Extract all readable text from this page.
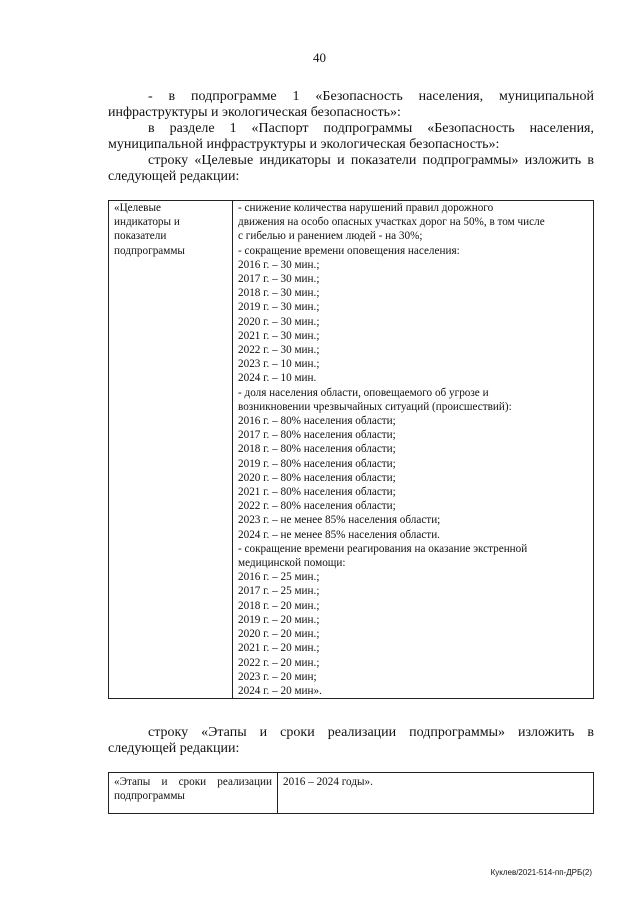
40
- в подпрограмме 1 «Безопасность населения, муниципальной
инфраструктуры и экологическая безопасность»:
в разделе 1 «Паспорт подпрограммы «Безопасность населения,
муниципальной инфраструктуры и экологическая безопасность»:
строку «Целевые индикаторы и показатели подпрограммы» изложить в
следующей редакции:
«Целевые
индикаторы и
показатели
подпрограммы

- снижение количества нарушений правил дорожного
движения на особо опасных участках дорог на 50%, в том числе
с гибелью и ранением людей - на 30%;
- сокращение времени оповещения населения:
2016 г. – 30 мин.;
2017 г. – 30 мин.;
2018 г. – 30 мин.;
2019 г. – 30 мин.;
2020 г. – 30 мин.;
2021 г. – 30 мин.;
2022 г. – 30 мин.;
2023 г. – 10 мин.;
2024 г. – 10 мин.
- доля населения области, оповещаемого об угрозе и
возникновении чрезвычайных ситуаций (происшествий):
2016 г. – 80% населения области;
2017 г. – 80% населения области;
2018 г. – 80% населения области;
2019 г. – 80% населения области;
2020 г. – 80% населения области;
2021 г. – 80% населения области;
2022 г. – 80% населения области;
2023 г. – не менее 85% населения области;
2024 г. – не менее 85% населения области.
- сокращение времени реагирования на оказание экстренной
медицинской помощи:
2016 г. – 25 мин.;
2017 г. – 25 мин.;
2018 г. – 20 мин.;
2019 г. – 20 мин.;
2020 г. – 20 мин.;
2021 г. – 20 мин.;
2022 г. – 20 мин.;
2023 г. – 20 мин;
2024 г. – 20 мин».
строку «Этапы и сроки реализации подпрограммы» изложить в
следующей редакции:
«Этапы и сроки реализации
подпрограммы

2016 – 2024 годы».
Куклев/2021-514-пп-ДРБ(2)
